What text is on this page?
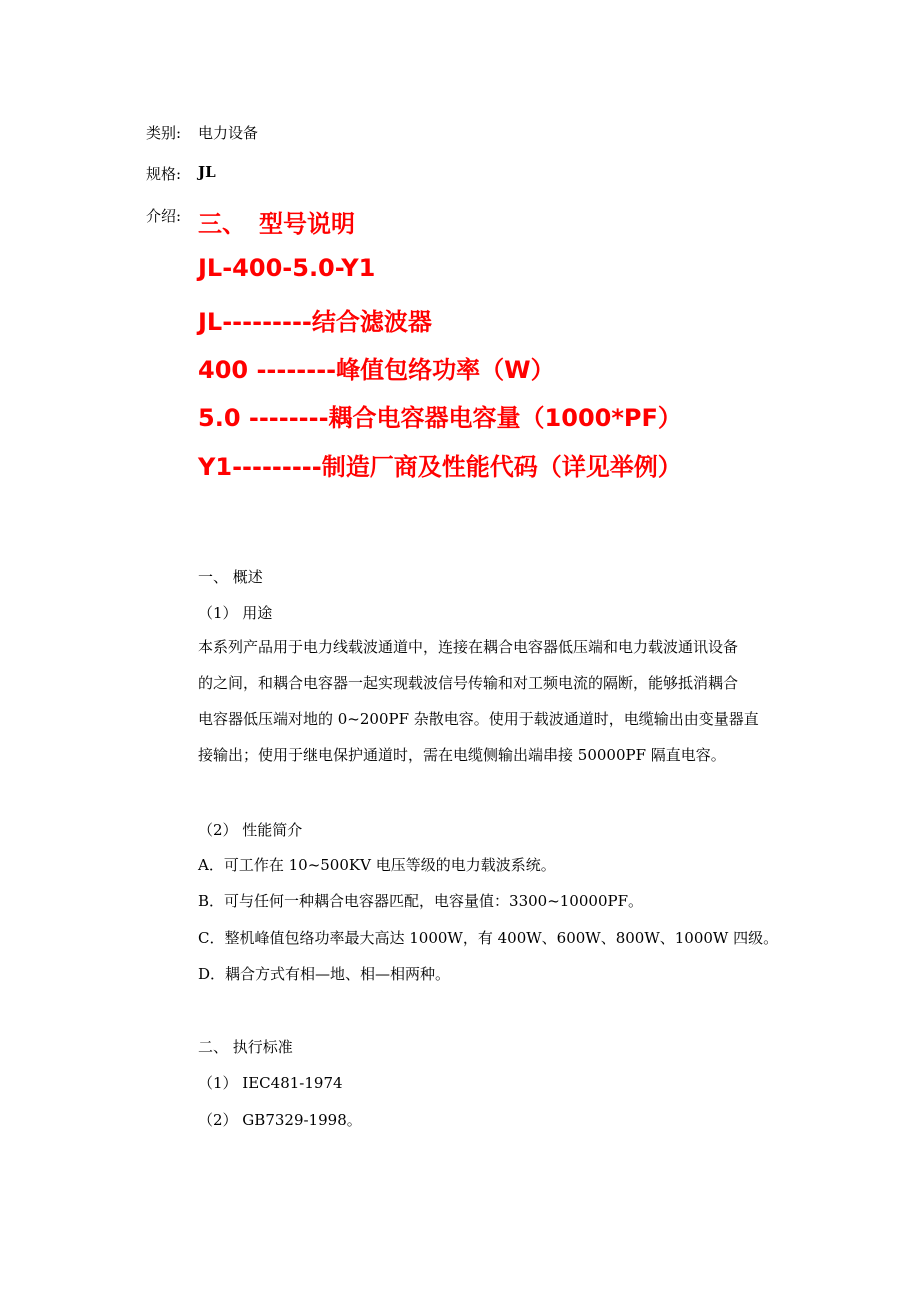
类别: 电力设备
规格: JL
介绍: 三、 型号说明
JL-400-5.0-Y1
JL---------结合滤波器
400 --------峰值包络功率（W）
5.0 --------耦合电容器电容量（1000*PF）
Y1---------制造厂商及性能代码（详见举例）
一、 概述
（1） 用途
本系列产品用于电力线载波通道中，连接在耦合电容器低压端和电力载波通讯设备
的之间，和耦合电容器一起实现载波信号传输和对工频电流的隔断，能够抵消耦合
电容器低压端对地的 0~200PF 杂散电容。使用于载波通道时，电缆输出由变量器直
接输出；使用于继电保护通道时，需在电缆侧输出端串接 50000PF 隔直电容。
（2） 性能简介
A．可工作在 10~500KV 电压等级的电力载波系统。
B．可与任何一种耦合电容器匹配，电容量值：3300~10000PF。
C．整机峰值包络功率最大高达 1000W，有 400W、600W、800W、1000W 四级。
D．耦合方式有相—地、相—相两种。
二、 执行标准
（1） IEC481-1974
（2） GB7329-1998。
